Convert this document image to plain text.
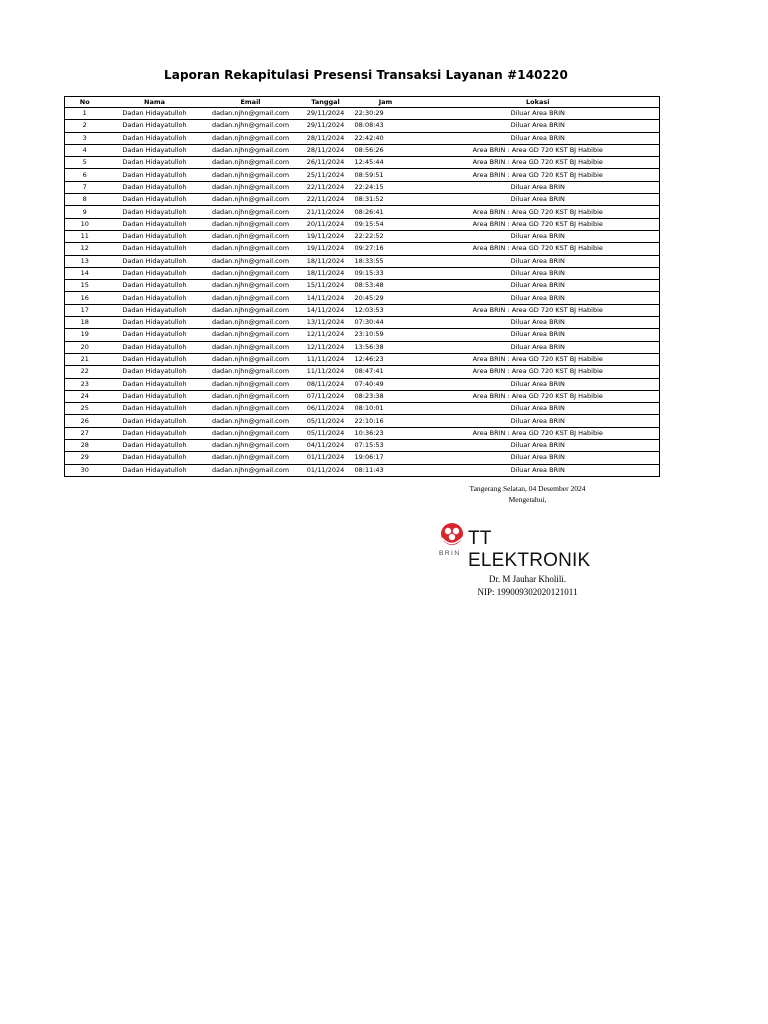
Laporan Rekapitulasi Presensi Transaksi Layanan #140220
No	Nama	Email	Tanggal	Jam	Lokasi
1	Dadan Hidayatulloh	dadan.njhn@gmail.com	29/11/2024	22:30:29	Diluar Area BRIN
2	Dadan Hidayatulloh	dadan.njhn@gmail.com	29/11/2024	08:08:43	Diluar Area BRIN
3	Dadan Hidayatulloh	dadan.njhn@gmail.com	28/11/2024	22:42:40	Diluar Area BRIN
4	Dadan Hidayatulloh	dadan.njhn@gmail.com	28/11/2024	08:56:26	Area BRIN : Area GD 720 KST BJ Habibie
5	Dadan Hidayatulloh	dadan.njhn@gmail.com	26/11/2024	12:45:44	Area BRIN : Area GD 720 KST BJ Habibie
6	Dadan Hidayatulloh	dadan.njhn@gmail.com	25/11/2024	08:59:51	Area BRIN : Area GD 720 KST BJ Habibie
7	Dadan Hidayatulloh	dadan.njhn@gmail.com	22/11/2024	22:24:15	Diluar Area BRIN
8	Dadan Hidayatulloh	dadan.njhn@gmail.com	22/11/2024	08:31:52	Diluar Area BRIN
9	Dadan Hidayatulloh	dadan.njhn@gmail.com	21/11/2024	08:26:41	Area BRIN : Area GD 720 KST BJ Habibie
10	Dadan Hidayatulloh	dadan.njhn@gmail.com	20/11/2024	09:15:54	Area BRIN : Area GD 720 KST BJ Habibie
11	Dadan Hidayatulloh	dadan.njhn@gmail.com	19/11/2024	22:22:52	Diluar Area BRIN
12	Dadan Hidayatulloh	dadan.njhn@gmail.com	19/11/2024	09:27:16	Area BRIN : Area GD 720 KST BJ Habibie
13	Dadan Hidayatulloh	dadan.njhn@gmail.com	18/11/2024	18:33:55	Diluar Area BRIN
14	Dadan Hidayatulloh	dadan.njhn@gmail.com	18/11/2024	09:15:33	Diluar Area BRIN
15	Dadan Hidayatulloh	dadan.njhn@gmail.com	15/11/2024	08:53:48	Diluar Area BRIN
16	Dadan Hidayatulloh	dadan.njhn@gmail.com	14/11/2024	20:45:29	Diluar Area BRIN
17	Dadan Hidayatulloh	dadan.njhn@gmail.com	14/11/2024	12:03:53	Area BRIN : Area GD 720 KST BJ Habibie
18	Dadan Hidayatulloh	dadan.njhn@gmail.com	13/11/2024	07:30:44	Diluar Area BRIN
19	Dadan Hidayatulloh	dadan.njhn@gmail.com	12/11/2024	23:10:59	Diluar Area BRIN
20	Dadan Hidayatulloh	dadan.njhn@gmail.com	12/11/2024	13:56:38	Diluar Area BRIN
21	Dadan Hidayatulloh	dadan.njhn@gmail.com	11/11/2024	12:46:23	Area BRIN : Area GD 720 KST BJ Habibie
22	Dadan Hidayatulloh	dadan.njhn@gmail.com	11/11/2024	08:47:41	Area BRIN : Area GD 720 KST BJ Habibie
23	Dadan Hidayatulloh	dadan.njhn@gmail.com	08/11/2024	07:40:49	Diluar Area BRIN
24	Dadan Hidayatulloh	dadan.njhn@gmail.com	07/11/2024	08:23:38	Area BRIN : Area GD 720 KST BJ Habibie
25	Dadan Hidayatulloh	dadan.njhn@gmail.com	06/11/2024	08:10:01	Diluar Area BRIN
26	Dadan Hidayatulloh	dadan.njhn@gmail.com	05/11/2024	22:10:16	Diluar Area BRIN
27	Dadan Hidayatulloh	dadan.njhn@gmail.com	05/11/2024	10:36:23	Area BRIN : Area GD 720 KST BJ Habibie
28	Dadan Hidayatulloh	dadan.njhn@gmail.com	04/11/2024	07:15:53	Diluar Area BRIN
29	Dadan Hidayatulloh	dadan.njhn@gmail.com	01/11/2024	19:06:17	Diluar Area BRIN
30	Dadan Hidayatulloh	dadan.njhn@gmail.com	01/11/2024	08:11:43	Diluar Area BRIN
Tangerang Selatan, 04 Desember 2024
Mengetahui,
BRIN
TT ELEKTRONIK
Dr. M Jauhar Kholili.
NIP: 199009302020121011
